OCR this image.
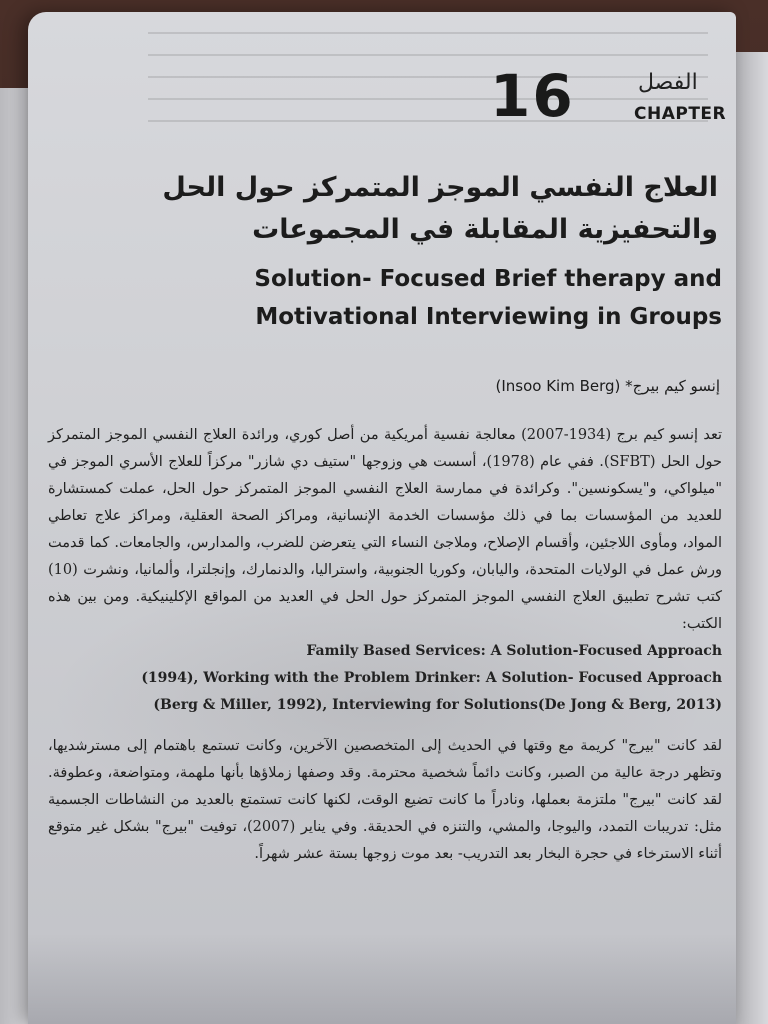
16	الفصل
CHAPTER
العلاج النفسي الموجز المتمركز حول الحل
والتحفيزية المقابلة في المجموعات
Solution- Focused Brief therapy and
Motivational Interviewing in Groups
إنسو كيم بيرج* (Insoo Kim Berg)

تعد إنسو كيم برج (1934-2007) معالجة نفسية أمريكية من أصل كوري، ورائدة العلاج النفسي الموجز المتمركز حول الحل (SFBT). ففي عام (1978)، أسست هي وزوجها "ستيف دي شازر" مركزاً للعلاج الأسري الموجز في "ميلواكي، و"يسكونسين". وكرائدة في ممارسة العلاج النفسي الموجز المتمركز حول الحل، عملت كمستشارة للعديد من المؤسسات بما في ذلك مؤسسات الخدمة الإنسانية، ومراكز الصحة العقلية، ومراكز علاج تعاطي المواد، ومأوى اللاجئين، وأقسام الإصلاح، وملاجئ النساء التي يتعرضن للضرب، والمدارس، والجامعات. كما قدمت ورش عمل في الولايات المتحدة، واليابان، وكوريا الجنوبية، واستراليا، والدنمارك، وإنجلترا، وألمانيا، ونشرت (10) كتب تشرح تطبيق العلاج النفسي الموجز المتمركز حول الحل في العديد من المواقع الإكلينيكية. ومن بين هذه الكتب:

Family Based Services: A Solution-Focused Approach
(1994), Working with the Problem Drinker: A Solution- Focused Approach
(Berg & Miller, 1992), Interviewing for Solutions(De Jong & Berg, 2013)

لقد كانت "بيرج" كريمة مع وقتها في الحديث إلى المتخصصين الآخرين، وكانت تستمع باهتمام إلى مسترشديها، وتظهر درجة عالية من الصبر، وكانت دائماً شخصية محترمة. وقد وصفها زملاؤها بأنها ملهمة، ومتواضعة، وعطوفة. لقد كانت "بيرج" ملتزمة بعملها، ونادراً ما كانت تضيع الوقت، لكنها كانت تستمتع بالعديد من النشاطات الجسمية مثل: تدريبات التمدد، واليوجا، والمشي، والتنزه في الحديقة. وفي يناير (2007)، توفيت "بيرج" بشكل غير متوقع أثناء الاسترخاء في حجرة البخار بعد التدريب- بعد موت زوجها بستة عشر شهراً.
